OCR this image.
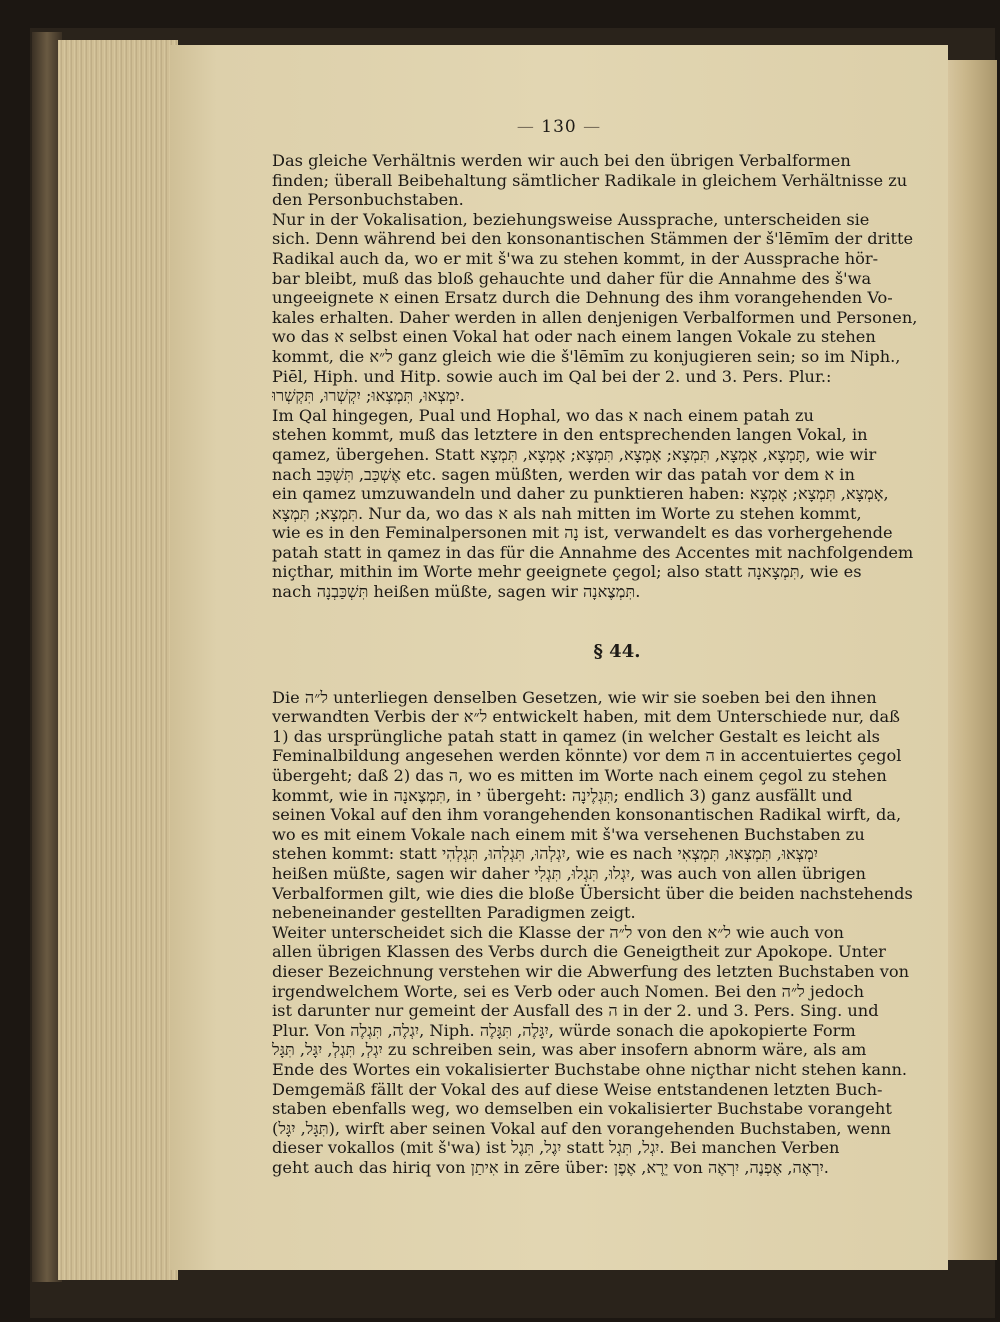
— 130 —
Das gleiche Verhältnis werden wir auch bei den übrigen Verbalformen
finden; überall Beibehaltung sämtlicher Radikale in gleichem Verhältnisse zu
den Personbuchstaben.
Nur in der Vokalisation, beziehungsweise Aussprache, unterscheiden sie
sich. Denn während bei den konsonantischen Stämmen der š'lēmīm der dritte
Radikal auch da, wo er mit š'wa zu stehen kommt, in der Aussprache hör-
bar bleibt, muß das bloß gehauchte und daher für die Annahme des š'wa
ungeeignete א einen Ersatz durch die Dehnung des ihm vorangehenden Vo-
kales erhalten. Daher werden in allen denjenigen Verbalformen und Personen,
wo das א selbst einen Vokal hat oder nach einem langen Vokale zu stehen
kommt, die ל״א ganz gleich wie die š'lēmīm zu konjugieren sein; so im Niph.,
Piēl, Hiph. und Hitp. sowie auch im Qal bei der 2. und 3. Pers. Plur.:
יִמְצְאוּ, תִּמְצְאוּ; יִקְשְׁרוּ, תִּקְשְׁרוּ.
Im Qal hingegen, Pual und Hophal, wo das א nach einem patah zu
stehen kommt, muß das letztere in den entsprechenden langen Vokal, in
qamez, übergehen. Statt תָּמְצָא, אָמְצָא, תִּמְצָא; אָמְצָא, תִּמְצָא; אָמְצָא, תִּמְצָא, wie wir
nach אֶשְׁכַּב, תִּשְׁכַּב etc. sagen müßten, werden wir das patah vor dem א in
ein qamez umzuwandeln und daher zu punktieren haben: אָמְצָא, תִּמְצָא; אָמְצָא,
תִּמְצָא; תִּמְצָא. Nur da, wo das א als nah mitten im Worte zu stehen kommt,
wie es in den Feminalpersonen mit נָה ist, verwandelt es das vorhergehende
patah statt in qamez in das für die Annahme des Accentes mit nachfolgendem
niçthar, mithin im Worte mehr geeignete çegol; also statt תִּמְצָאנָה, wie es
nach תִּשְׁכַּבְנָה heißen müßte, sagen wir תִּמְצֶאנָה.
§ 44.
Die ל״ה unterliegen denselben Gesetzen, wie wir sie soeben bei den ihnen
verwandten Verbis der ל״א entwickelt haben, mit dem Unterschiede nur, daß
1) das ursprüngliche patah statt in qamez (in welcher Gestalt es leicht als
Feminalbildung angesehen werden könnte) vor dem ה in accentuiertes çegol
übergeht; daß 2) das ה, wo es mitten im Worte nach einem çegol zu stehen
kommt, wie in תִּמְצֶאנָה, in י übergeht: תִּגְלֶינָה; endlich 3) ganz ausfällt und
seinen Vokal auf den ihm vorangehenden konsonantischen Radikal wirft, da,
wo es mit einem Vokale nach einem mit š'wa versehenen Buchstaben zu
stehen kommt: statt יִגְלְהוּ, תִּגְלְהוּ, תִּגְלְהִי, wie es nach יִמְצְאוּ, תִּמְצְאוּ, תִּמְצְאִי
heißen müßte, sagen wir daher יִגְלוּ, תִּגְלוּ, תִּגְלִי, was auch von allen übrigen
Verbalformen gilt, wie dies die bloße Übersicht über die beiden nachstehends
nebeneinander gestellten Paradigmen zeigt.
Weiter unterscheidet sich die Klasse der ל״ה von den ל״א wie auch von
allen übrigen Klassen des Verbs durch die Geneigtheit zur Apokope. Unter
dieser Bezeichnung verstehen wir die Abwerfung des letzten Buchstaben von
irgendwelchem Worte, sei es Verb oder auch Nomen. Bei den ל״ה jedoch
ist darunter nur gemeint der Ausfall des ה in der 2. und 3. Pers. Sing. und
Plur. Von יִגְלֶה, תִּגְלֶה, Niph. יִגָּלֶה, תִּגָּלֶה, würde sonach die apokopierte Form
יִגְלְ, תִּגְלְ, יִגָּל, תִּגָּל zu schreiben sein, was aber insofern abnorm wäre, als am
Ende des Wortes ein vokalisierter Buchstabe ohne niçthar nicht stehen kann.
Demgemäß fällt der Vokal des auf diese Weise entstandenen letzten Buch-
staben ebenfalls weg, wo demselben ein vokalisierter Buchstabe vorangeht
(תִּגָּל, יִגָּל), wirft aber seinen Vokal auf den vorangehenden Buchstaben, wenn
dieser vokallos (mit š'wa) ist יִגֶל, תִּגֶל statt יִגְל, תִּגְל. Bei manchen Verben
geht auch das hiriq von אִיתַן in zēre über: יֵרֶא, אֶפֶן von יִרְאֶה, אֶפְנֶה, יִרְאֶה.
